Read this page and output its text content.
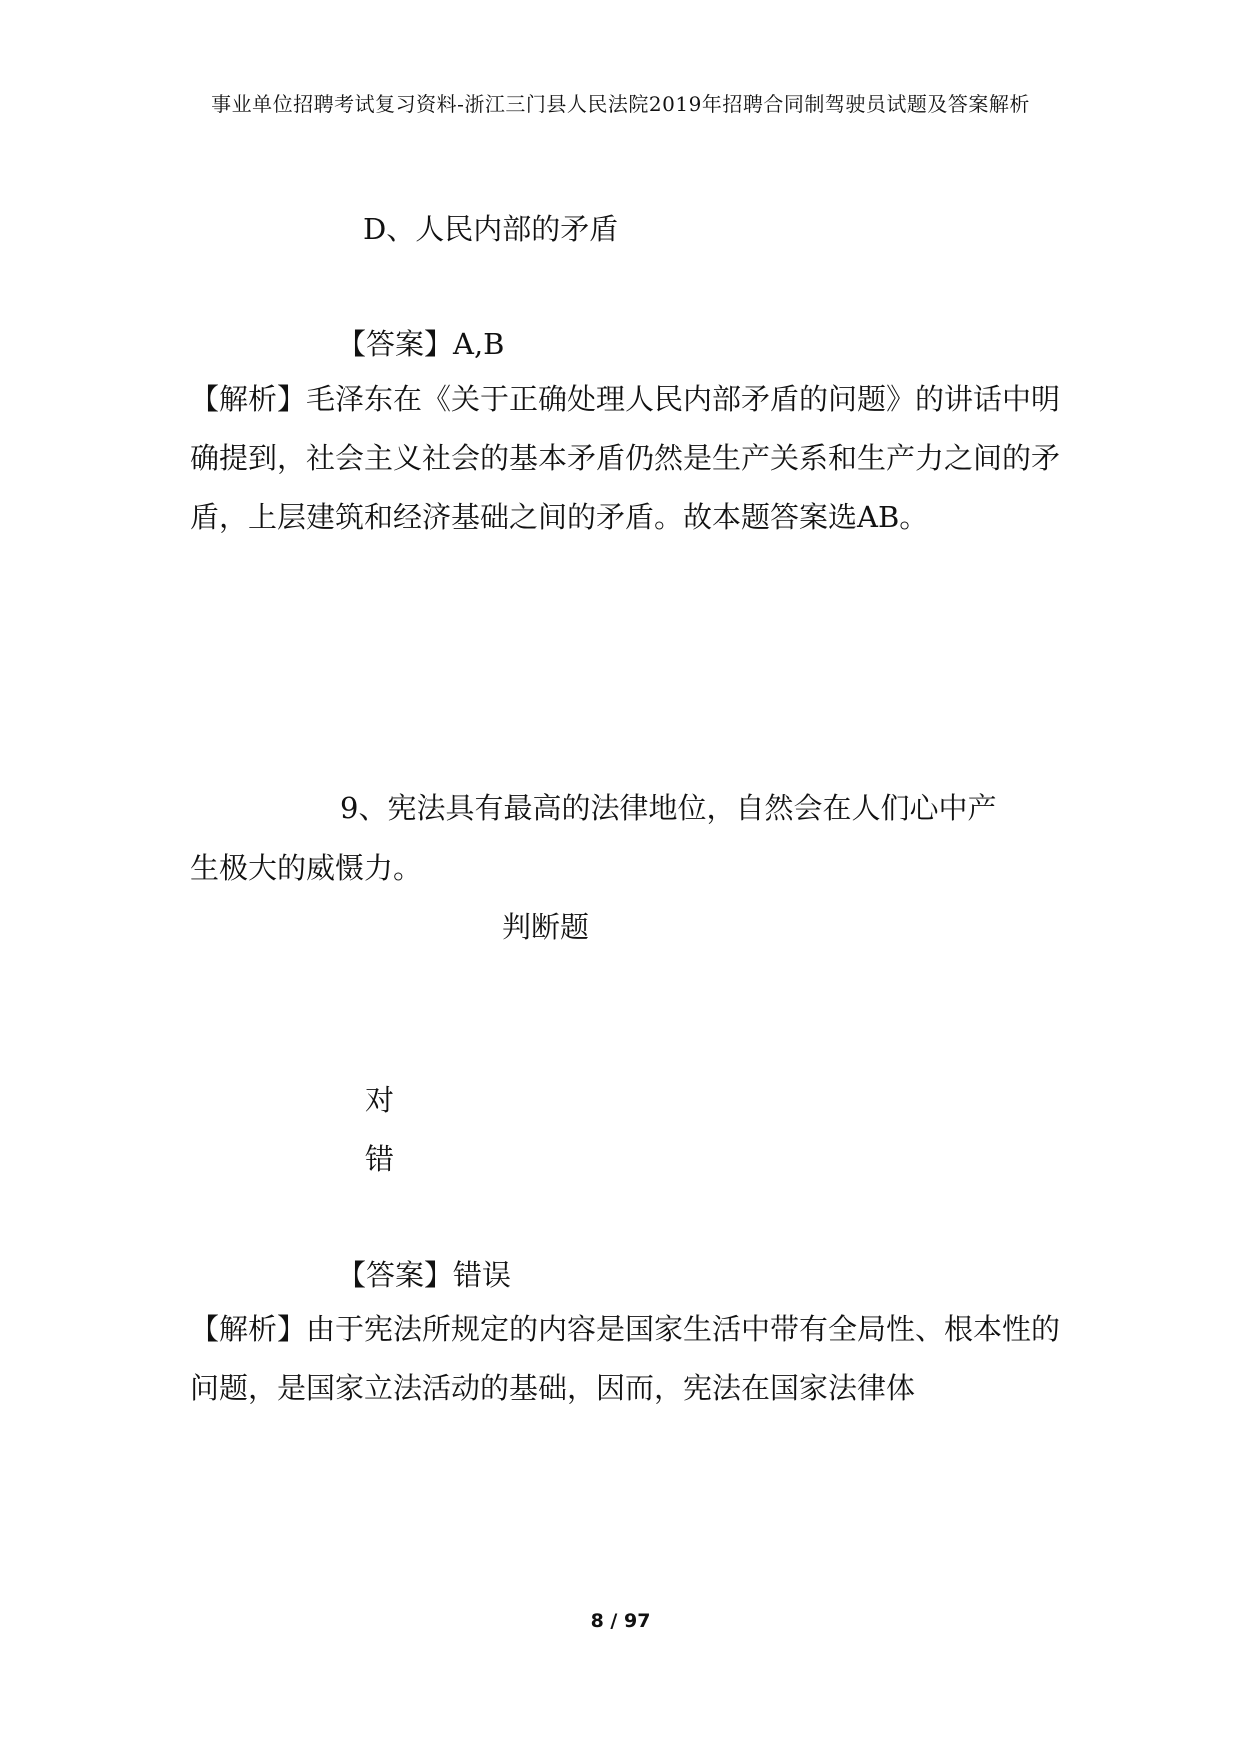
事业单位招聘考试复习资料-浙江三门县人民法院2019年招聘合同制驾驶员试题及答案解析
D、人民内部的矛盾
【答案】A,B
【解析】毛泽东在《关于正确处理人民内部矛盾的问题》的讲话中明确提到，社会主义社会的基本矛盾仍然是生产关系和生产力之间的矛盾，上层建筑和经济基础之间的矛盾。故本题答案选AB。
9、宪法具有最高的法律地位，自然会在人们心中产
生极大的威慑力。
判断题
对
错
【答案】错误
【解析】由于宪法所规定的内容是国家生活中带有全局性、根本性的问题，是国家立法活动的基础，因而，宪法在国家法律体
8 / 97
